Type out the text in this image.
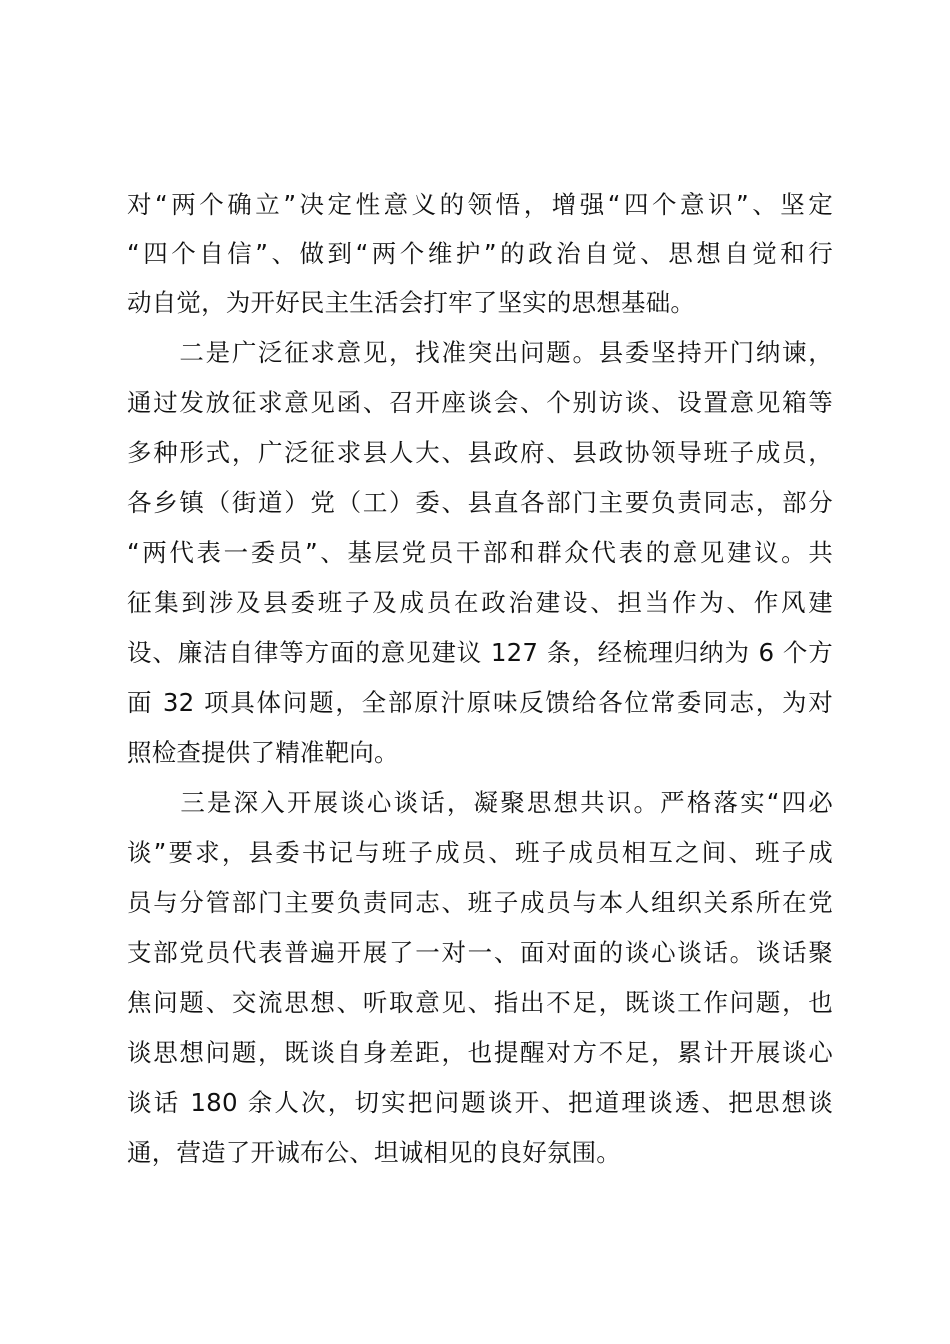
对“两个确立”决定性意义的领悟，增强“四个意识”、坚定
“四个自信”、做到“两个维护”的政治自觉、思想自觉和行
动自觉，为开好民主生活会打牢了坚实的思想基础。
　　二是广泛征求意见，找准突出问题。县委坚持开门纳谏，
通过发放征求意见函、召开座谈会、个别访谈、设置意见箱等
多种形式，广泛征求县人大、县政府、县政协领导班子成员，
各乡镇（街道）党（工）委、县直各部门主要负责同志，部分
“两代表一委员”、基层党员干部和群众代表的意见建议。共
征集到涉及县委班子及成员在政治建设、担当作为、作风建
设、廉洁自律等方面的意见建议 127 条，经梳理归纳为 6 个方
面 32 项具体问题，全部原汁原味反馈给各位常委同志，为对
照检查提供了精准靶向。
　　三是深入开展谈心谈话，凝聚思想共识。严格落实“四必
谈”要求，县委书记与班子成员、班子成员相互之间、班子成
员与分管部门主要负责同志、班子成员与本人组织关系所在党
支部党员代表普遍开展了一对一、面对面的谈心谈话。谈话聚
焦问题、交流思想、听取意见、指出不足，既谈工作问题，也
谈思想问题，既谈自身差距，也提醒对方不足，累计开展谈心
谈话 180 余人次，切实把问题谈开、把道理谈透、把思想谈
通，营造了开诚布公、坦诚相见的良好氛围。
